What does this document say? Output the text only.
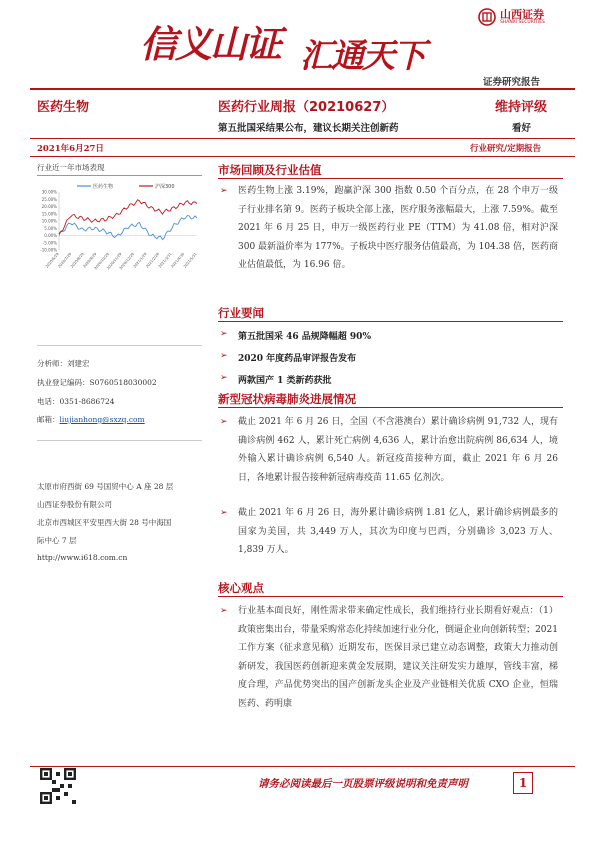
信义山证 汇通天下
山西证券
SHANXI SECURITIES
证券研究报告
医药生物	医药行业周报（20210627）	维持评级
第五批国采结果公布，建议长期关注创新药	看好
2021年6月27日	行业研究/定期报告
行业近一年市场表现
医药生物	沪深300
30.00%
25.00%
20.00%
15.00%
10.00%
5.00%
0.00%
-5.00%
-10.00%
2020/6/29
2020/7/29
2020/8/29
2020/9/29
2020/10/29
2020/11/29
2020/12/29
2021/1/29
2021/2/28
2021/3/31
2021/4/30
2021/5/31
分析师：刘建宏
执业登记编码：S0760518030002
电话：0351-8686724
邮箱：liujianhong@sxzq.com
太原市府西街 69 号国贸中心 A 座 28 层
山西证券股份有限公司
北京市西城区平安里西大街 28 号中海国
际中心 7 层
http://www.i618.com.cn
市场回顾及行业估值
➢ 医药生物上涨 3.19%，跑赢沪深 300 指数 0.50 个百分点，在 28 个申万一级子行业排名第 9。医药子板块全部上涨，医疗服务涨幅最大，上涨 7.59%。截至 2021 年 6 月 25 日，申万一级医药行业 PE（TTM）为 41.08 倍，相对沪深 300 最新溢价率为 177%。子板块中医疗服务估值最高，为 104.38 倍，医药商业估值最低，为 16.96 倍。
行业要闻
➢ 第五批国采 46 品规降幅超 90%
➢ 2020 年度药品审评报告发布
➢ 两款国产 1 类新药获批
新型冠状病毒肺炎进展情况
➢ 截止 2021 年 6 月 26 日，全国（不含港澳台）累计确诊病例 91,732 人，现有确诊病例 462 人，累计死亡病例 4,636 人，累计治愈出院病例 86,634 人，境外输入累计确诊病例 6,540 人。新冠疫苗接种方面，截止 2021 年 6 月 26 日，各地累计报告接种新冠病毒疫苗 11.65 亿剂次。
➢ 截止 2021 年 6 月 26 日，海外累计确诊病例 1.81 亿人，累计确诊病例最多的国家为美国，共 3,449 万人，其次为印度与巴西，分别确诊 3,023 万人、1,839 万人。
核心观点
➢ 行业基本面良好，刚性需求带来确定性成长，我们维持行业长期看好观点：（1）政策密集出台，带量采购常态化持续加速行业分化，倒逼企业向创新转型；2021 工作方案（征求意见稿）近期发布，医保目录已建立动态调整，政策大力推动创新研发，我国医药创新迎来黄金发展期，建议关注研发实力雄厚，管线丰富，梯度合理，产品优势突出的国产创新龙头企业及产业链相关优质 CXO 企业，恒瑞医药、药明康
请务必阅读最后一页股票评级说明和免责声明	1
